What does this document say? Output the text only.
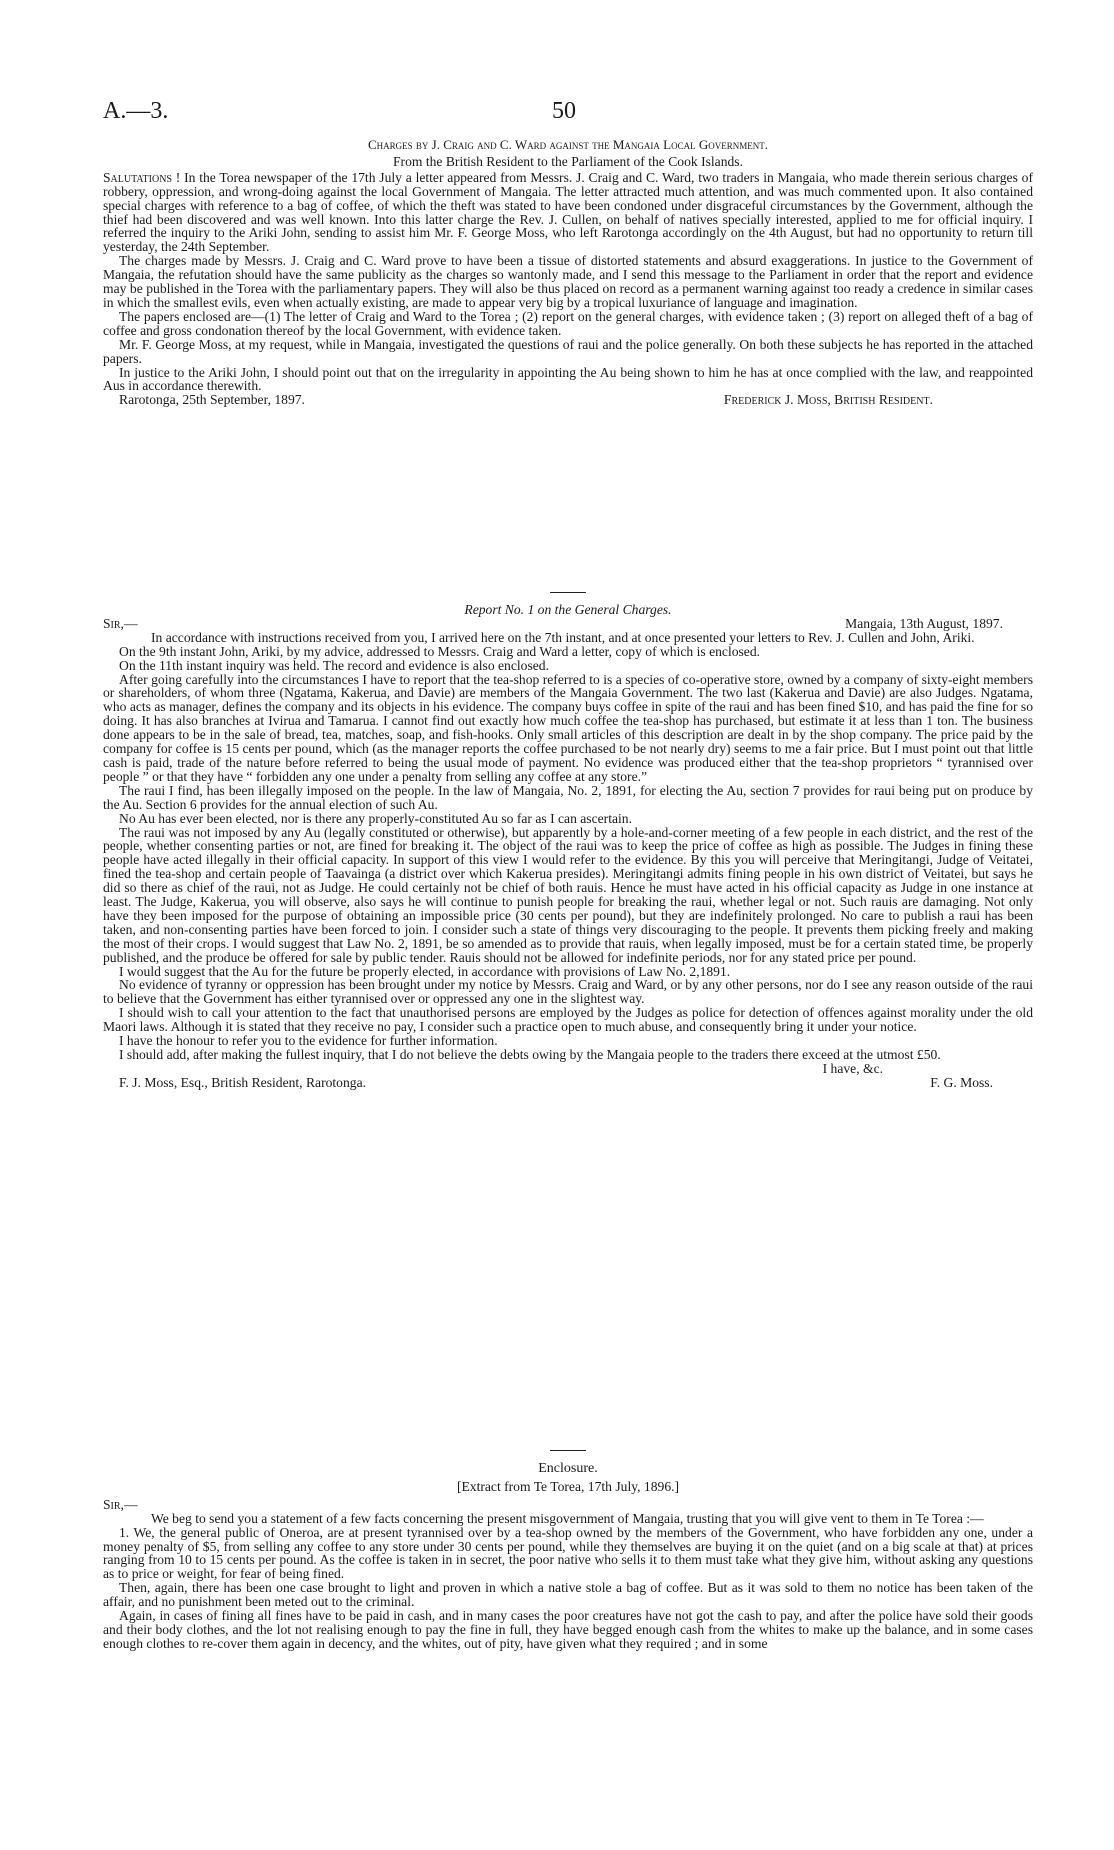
A.—3.	50

Charges by J. Craig and C. Ward against the Mangaia Local Government.

From the British Resident to the Parliament of the Cook Islands.

Salutations ! In the Torea newspaper of the 17th July a letter appeared from Messrs. J. Craig and C. Ward, two traders in Mangaia, who made therein serious charges of robbery, oppression, and wrong-doing against the local Government of Mangaia. The letter attracted much attention, and was much commented upon. It also contained special charges with reference to a bag of coffee, of which the theft was stated to have been condoned under disgraceful circumstances by the Government, although the thief had been discovered and was well known. Into this latter charge the Rev. J. Cullen, on behalf of natives specially interested, applied to me for official inquiry. I referred the inquiry to the Ariki John, sending to assist him Mr. F. George Moss, who left Rarotonga accordingly on the 4th August, but had no opportunity to return till yesterday, the 24th September.

The charges made by Messrs. J. Craig and C. Ward prove to have been a tissue of distorted statements and absurd exaggerations. In justice to the Government of Mangaia, the refutation should have the same publicity as the charges so wantonly made, and I send this message to the Parliament in order that the report and evidence may be published in the Torea with the parliamentary papers. They will also be thus placed on record as a permanent warning against too ready a credence in similar cases in which the smallest evils, even when actually existing, are made to appear very big by a tropical luxuriance of language and imagination.

The papers enclosed are—(1) The letter of Craig and Ward to the Torea ; (2) report on the general charges, with evidence taken ; (3) report on alleged theft of a bag of coffee and gross condonation thereof by the local Government, with evidence taken.

Mr. F. George Moss, at my request, while in Mangaia, investigated the questions of raui and the police generally. On both these subjects he has reported in the attached papers.

In justice to the Ariki John, I should point out that on the irregularity in appointing the Au being shown to him he has at once complied with the law, and reappointed Aus in accordance therewith.

Rarotonga, 25th September, 1897.	Frederick J. Moss, British Resident.

Report No. 1 on the General Charges.

Sir,—	Mangaia, 13th August, 1897.

In accordance with instructions received from you, I arrived here on the 7th instant, and at once presented your letters to Rev. J. Cullen and John, Ariki.

On the 9th instant John, Ariki, by my advice, addressed to Messrs. Craig and Ward a letter, copy of which is enclosed.

On the 11th instant inquiry was held. The record and evidence is also enclosed.

After going carefully into the circumstances I have to report that the tea-shop referred to is a species of co-operative store, owned by a company of sixty-eight members or shareholders, of whom three (Ngatama, Kakerua, and Davie) are members of the Mangaia Government. The two last (Kakerua and Davie) are also Judges. Ngatama, who acts as manager, defines the company and its objects in his evidence. The company buys coffee in spite of the raui and has been fined $10, and has paid the fine for so doing. It has also branches at Ivirua and Tamarua. I cannot find out exactly how much coffee the tea-shop has purchased, but estimate it at less than 1 ton. The business done appears to be in the sale of bread, tea, matches, soap, and fish-hooks. Only small articles of this description are dealt in by the shop company. The price paid by the company for coffee is 15 cents per pound, which (as the manager reports the coffee purchased to be not nearly dry) seems to me a fair price. But I must point out that little cash is paid, trade of the nature before referred to being the usual mode of payment. No evidence was produced either that the tea-shop proprietors “ tyrannised over people ” or that they have “ forbidden any one under a penalty from selling any coffee at any store.”

The raui I find, has been illegally imposed on the people. In the law of Mangaia, No. 2, 1891, for electing the Au, section 7 provides for raui being put on produce by the Au. Section 6 provides for the annual election of such Au.

No Au has ever been elected, nor is there any properly-constituted Au so far as I can ascertain.

The raui was not imposed by any Au (legally constituted or otherwise), but apparently by a hole-and-corner meeting of a few people in each district, and the rest of the people, whether consenting parties or not, are fined for breaking it. The object of the raui was to keep the price of coffee as high as possible. The Judges in fining these people have acted illegally in their official capacity. In support of this view I would refer to the evidence. By this you will perceive that Meringitangi, Judge of Veitatei, fined the tea-shop and certain people of Taavainga (a district over which Kakerua presides). Meringitangi admits fining people in his own district of Veitatei, but says he did so there as chief of the raui, not as Judge. He could certainly not be chief of both rauis. Hence he must have acted in his official capacity as Judge in one instance at least. The Judge, Kakerua, you will observe, also says he will continue to punish people for breaking the raui, whether legal or not. Such rauis are damaging. Not only have they been imposed for the purpose of obtaining an impossible price (30 cents per pound), but they are indefinitely prolonged. No care to publish a raui has been taken, and non-consenting parties have been forced to join. I consider such a state of things very discouraging to the people. It prevents them picking freely and making the most of their crops. I would suggest that Law No. 2, 1891, be so amended as to provide that rauis, when legally imposed, must be for a certain stated time, be properly published, and the produce be offered for sale by public tender. Rauis should not be allowed for indefinite periods, nor for any stated price per pound.

I would suggest that the Au for the future be properly elected, in accordance with provisions of Law No. 2,1891.

No evidence of tyranny or oppression has been brought under my notice by Messrs. Craig and Ward, or by any other persons, nor do I see any reason outside of the raui to believe that the Government has either tyrannised over or oppressed any one in the slightest way.

I should wish to call your attention to the fact that unauthorised persons are employed by the Judges as police for detection of offences against morality under the old Maori laws. Although it is stated that they receive no pay, I consider such a practice open to much abuse, and consequently bring it under your notice.

I have the honour to refer you to the evidence for further information.

I should add, after making the fullest inquiry, that I do not believe the debts owing by the Mangaia people to the traders there exceed at the utmost £50.

I have, &c.

F. J. Moss, Esq., British Resident, Rarotonga.	F. G. Moss.

Enclosure.

[Extract from Te Torea, 17th July, 1896.]

Sir,—

We beg to send you a statement of a few facts concerning the present misgovernment of Mangaia, trusting that you will give vent to them in Te Torea :—

1. We, the general public of Oneroa, are at present tyrannised over by a tea-shop owned by the members of the Government, who have forbidden any one, under a money penalty of $5, from selling any coffee to any store under 30 cents per pound, while they themselves are buying it on the quiet (and on a big scale at that) at prices ranging from 10 to 15 cents per pound. As the coffee is taken in in secret, the poor native who sells it to them must take what they give him, without asking any questions as to price or weight, for fear of being fined.

Then, again, there has been one case brought to light and proven in which a native stole a bag of coffee. But as it was sold to them no notice has been taken of the affair, and no punishment been meted out to the criminal.

Again, in cases of fining all fines have to be paid in cash, and in many cases the poor creatures have not got the cash to pay, and after the police have sold their goods and their body clothes, and the lot not realising enough to pay the fine in full, they have begged enough cash from the whites to make up the balance, and in some cases enough clothes to re-cover them again in decency, and the whites, out of pity, have given what they required ; and in some
